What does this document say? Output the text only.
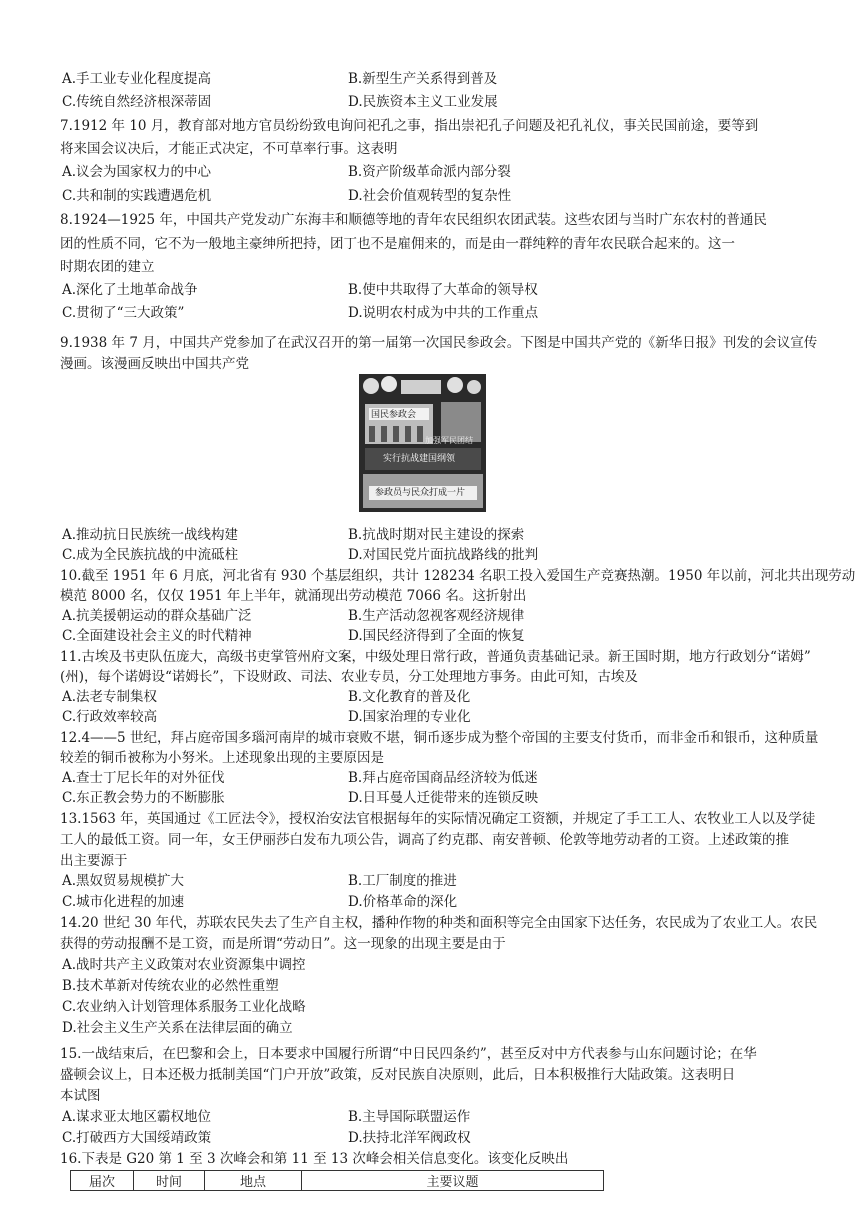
A.手工业专业化程度提高	B.新型生产关系得到普及
C.传统自然经济根深蒂固	D.民族资本主义工业发展
7.1912 年 10 月，教育部对地方官员纷纷致电询问祀孔之事，指出崇祀孔子问题及祀孔礼仪，事关民国前途，要等到
将来国会议决后，才能正式决定，不可草率行事。这表明
A.议会为国家权力的中心	B.资产阶级革命派内部分裂
C.共和制的实践遭遇危机	D.社会价值观转型的复杂性
8.1924—1925 年，中国共产党发动广东海丰和顺德等地的青年农民组织农团武装。这些农团与当时广东农村的普通民
团的性质不同，它不为一般地主豪绅所把持，团丁也不是雇佣来的，而是由一群纯粹的青年农民联合起来的。这一
时期农团的建立
A.深化了土地革命战争	B.使中共取得了大革命的领导权
C.贯彻了“三大政策”	D.说明农村成为中共的工作重点
9.1938 年 7 月，中国共产党参加了在武汉召开的第一届第一次国民参政会。下图是中国共产党的《新华日报》刊发的会议宣传
漫画。该漫画反映出中国共产党
国民参政会
加强军民团结
实行抗战建国纲领
参政员与民众打成一片
A.推动抗日民族统一战线构建	B.抗战时期对民主建设的探索
C.成为全民族抗战的中流砥柱	D.对国民党片面抗战路线的批判
10.截至 1951 年 6 月底，河北省有 930 个基层组织，共计 128234 名职工投入爱国生产竞赛热潮。1950 年以前，河北共出现劳动
模范 8000 名，仅仅 1951 年上半年，就涌现出劳动模范 7066 名。这折射出
A.抗美援朝运动的群众基础广泛	B.生产活动忽视客观经济规律
C.全面建设社会主义的时代精神	D.国民经济得到了全面的恢复
11.古埃及书吏队伍庞大，高级书吏掌管州府文案，中级处理日常行政，普通负责基础记录。新王国时期，地方行政划分“诺姆”
(州)，每个诺姆设“诺姆长”，下设财政、司法、农业专员，分工处理地方事务。由此可知，古埃及
A.法老专制集权	B.文化教育的普及化
C.行政效率较高	D.国家治理的专业化
12.4——5 世纪，拜占庭帝国多瑙河南岸的城市衰败不堪，铜币逐步成为整个帝国的主要支付货币，而非金币和银币，这种质量
较差的铜币被称为小努米。上述现象出现的主要原因是
A.查士丁尼长年的对外征伐	B.拜占庭帝国商品经济较为低迷
C.东正教会势力的不断膨胀	D.日耳曼人迁徙带来的连锁反映
13.1563 年，英国通过《工匠法令》，授权治安法官根据每年的实际情况确定工资额，并规定了手工工人、农牧业工人以及学徒
工人的最低工资。同一年，女王伊丽莎白发布九项公告，调高了约克郡、南安普顿、伦敦等地劳动者的工资。上述政策的推
出主要源于
A.黑奴贸易规模扩大	B.工厂制度的推进
C.城市化进程的加速	D.价格革命的深化
14.20 世纪 30 年代，苏联农民失去了生产自主权，播种作物的种类和面积等完全由国家下达任务，农民成为了农业工人。农民
获得的劳动报酬不是工资，而是所谓“劳动日”。这一现象的出现主要是由于
A.战时共产主义政策对农业资源集中调控
B.技术革新对传统农业的必然性重塑
C.农业纳入计划管理体系服务工业化战略
D.社会主义生产关系在法律层面的确立
15.一战结束后，在巴黎和会上，日本要求中国履行所谓“中日民四条约”，甚至反对中方代表参与山东问题讨论；在华
盛顿会议上，日本还极力抵制美国“门户开放”政策，反对民族自决原则，此后，日本积极推行大陆政策。这表明日
本试图
A.谋求亚太地区霸权地位	B.主导国际联盟运作
C.打破西方大国绥靖政策	D.扶持北洋军阀政权
16.下表是 G20 第 1 至 3 次峰会和第 11 至 13 次峰会相关信息变化。该变化反映出
届次	时间	地点	主要议题
